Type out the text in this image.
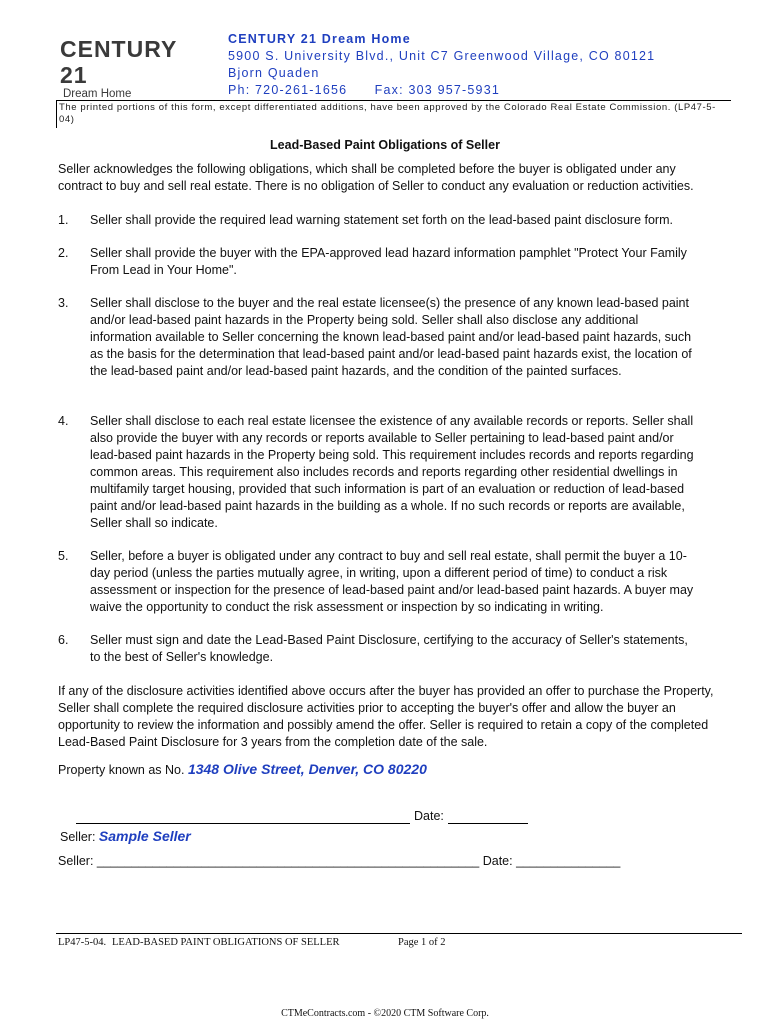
CENTURY 21
Dream Home
CENTURY 21 Dream Home
5900 S. University Blvd., Unit C7 Greenwood Village, CO 80121
Bjorn Quaden
Ph: 720-261-1656 Fax: 303 957-5931
The printed portions of this form, except differentiated additions, have been approved by the Colorado Real Estate Commission. (LP47-5-04)
Lead-Based Paint Obligations of Seller
Seller acknowledges the following obligations, which shall be completed before the buyer is obligated under any contract to buy and sell real estate. There is no obligation of Seller to conduct any evaluation or reduction activities.
1. Seller shall provide the required lead warning statement set forth on the lead-based paint disclosure form.
2. Seller shall provide the buyer with the EPA-approved lead hazard information pamphlet "Protect Your Family From Lead in Your Home".
3. Seller shall disclose to the buyer and the real estate licensee(s) the presence of any known lead-based paint and/or lead-based paint hazards in the Property being sold. Seller shall also disclose any additional information available to Seller concerning the known lead-based paint and/or lead-based paint hazards, such as the basis for the determination that lead-based paint and/or lead-based paint hazards exist, the location of the lead-based paint and/or lead-based paint hazards, and the condition of the painted surfaces.
4. Seller shall disclose to each real estate licensee the existence of any available records or reports. Seller shall also provide the buyer with any records or reports available to Seller pertaining to lead-based paint and/or lead-based paint hazards in the Property being sold. This requirement includes records and reports regarding common areas. This requirement also includes records and reports regarding other residential dwellings in multifamily target housing, provided that such information is part of an evaluation or reduction of lead-based paint and/or lead-based paint hazards in the building as a whole. If no such records or reports are available, Seller shall so indicate.
5. Seller, before a buyer is obligated under any contract to buy and sell real estate, shall permit the buyer a 10-day period (unless the parties mutually agree, in writing, upon a different period of time) to conduct a risk assessment or inspection for the presence of lead-based paint and/or lead-based paint hazards. A buyer may waive the opportunity to conduct the risk assessment or inspection by so indicating in writing.
6. Seller must sign and date the Lead-Based Paint Disclosure, certifying to the accuracy of Seller's statements, to the best of Seller's knowledge.
If any of the disclosure activities identified above occurs after the buyer has provided an offer to purchase the Property, Seller shall complete the required disclosure activities prior to accepting the buyer's offer and allow the buyer an opportunity to review the information and possibly amend the offer. Seller is required to retain a copy of the completed Lead-Based Paint Disclosure for 3 years from the completion date of the sale.
Property known as No. 1348 Olive Street, Denver, CO 80220
Date:
Seller: Sample Seller
Seller: _______________________________________________________ Date: _______________
LP47-5-04. LEAD-BASED PAINT OBLIGATIONS OF SELLER	Page 1 of 2
CTMeContracts.com - ©2020 CTM Software Corp.
